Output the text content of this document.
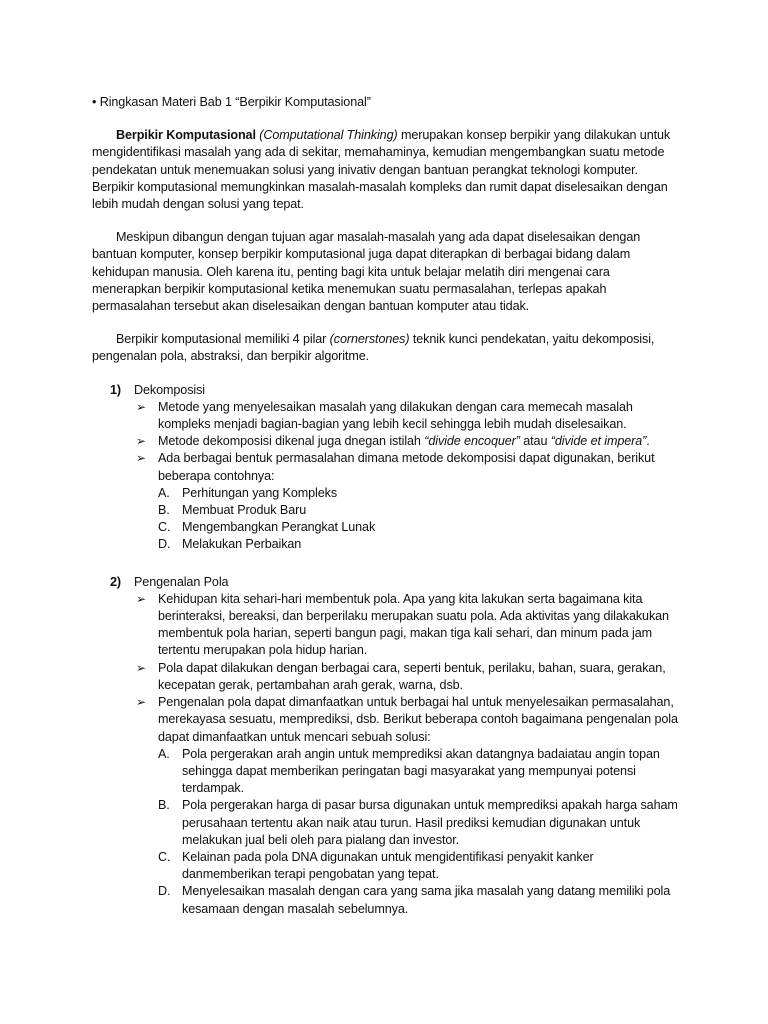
• Ringkasan Materi Bab 1 “Berpikir Komputasional”

Berpikir Komputasional (Computational Thinking) merupakan konsep berpikir yang dilakukan untuk mengidentifikasi masalah yang ada di sekitar, memahaminya, kemudian mengembangkan suatu metode pendekatan untuk menemuakan solusi yang inivativ dengan bantuan perangkat teknologi komputer. Berpikir komputasional memungkinkan masalah-masalah kompleks dan rumit dapat diselesaikan dengan lebih mudah dengan solusi yang tepat.

Meskipun dibangun dengan tujuan agar masalah-masalah yang ada dapat diselesaikan dengan bantuan komputer, konsep berpikir komputasional juga dapat diterapkan di berbagai bidang dalam kehidupan manusia. Oleh karena itu, penting bagi kita untuk belajar melatih diri mengenai cara menerapkan berpikir komputasional ketika menemukan suatu permasalahan, terlepas apakah permasalahan tersebut akan diselesaikan dengan bantuan komputer atau tidak.

Berpikir komputasional memiliki 4 pilar (cornerstones) teknik kunci pendekatan, yaitu dekomposisi, pengenalan pola, abstraksi, dan berpikir algoritme.

1)	Dekomposisi
➢ Metode yang menyelesaikan masalah yang dilakukan dengan cara memecah masalah kompleks menjadi bagian-bagian yang lebih kecil sehingga lebih mudah diselesaikan.
➢ Metode dekomposisi dikenal juga dnegan istilah “divide encoquer” atau “divide et impera”.
➢ Ada berbagai bentuk permasalahan dimana metode dekomposisi dapat digunakan, berikut beberapa contohnya:
A. Perhitungan yang Kompleks
B. Membuat Produk Baru
C. Mengembangkan Perangkat Lunak
D. Melakukan Perbaikan
2)	Pengenalan Pola
➢ Kehidupan kita sehari-hari membentuk pola. Apa yang kita lakukan serta bagaimana kita berinteraksi, bereaksi, dan berperilaku merupakan suatu pola. Ada aktivitas yang dilakakukan membentuk pola harian, seperti bangun pagi, makan tiga kali sehari, dan minum pada jam tertentu merupakan pola hidup harian.
➢ Pola dapat dilakukan dengan berbagai cara, seperti bentuk, perilaku, bahan, suara, gerakan, kecepatan gerak, pertambahan arah gerak, warna, dsb.
➢ Pengenalan pola dapat dimanfaatkan untuk berbagai hal untuk menyelesaikan permasalahan, merekayasa sesuatu, memprediksi, dsb. Berikut beberapa contoh bagaimana pengenalan pola dapat dimanfaatkan untuk mencari sebuah solusi:
A. Pola pergerakan arah angin untuk memprediksi akan datangnya badaiatau angin topan sehingga dapat memberikan peringatan bagi masyarakat yang mempunyai potensi terdampak.
B. Pola pergerakan harga di pasar bursa digunakan untuk memprediksi apakah harga saham perusahaan tertentu akan naik atau turun. Hasil prediksi kemudian digunakan untuk melakukan jual beli oleh para pialang dan investor.
C. Kelainan pada pola DNA digunakan untuk mengidentifikasi penyakit kanker danmemberikan terapi pengobatan yang tepat.
D. Menyelesaikan masalah dengan cara yang sama jika masalah yang datang memiliki pola kesamaan dengan masalah sebelumnya.
